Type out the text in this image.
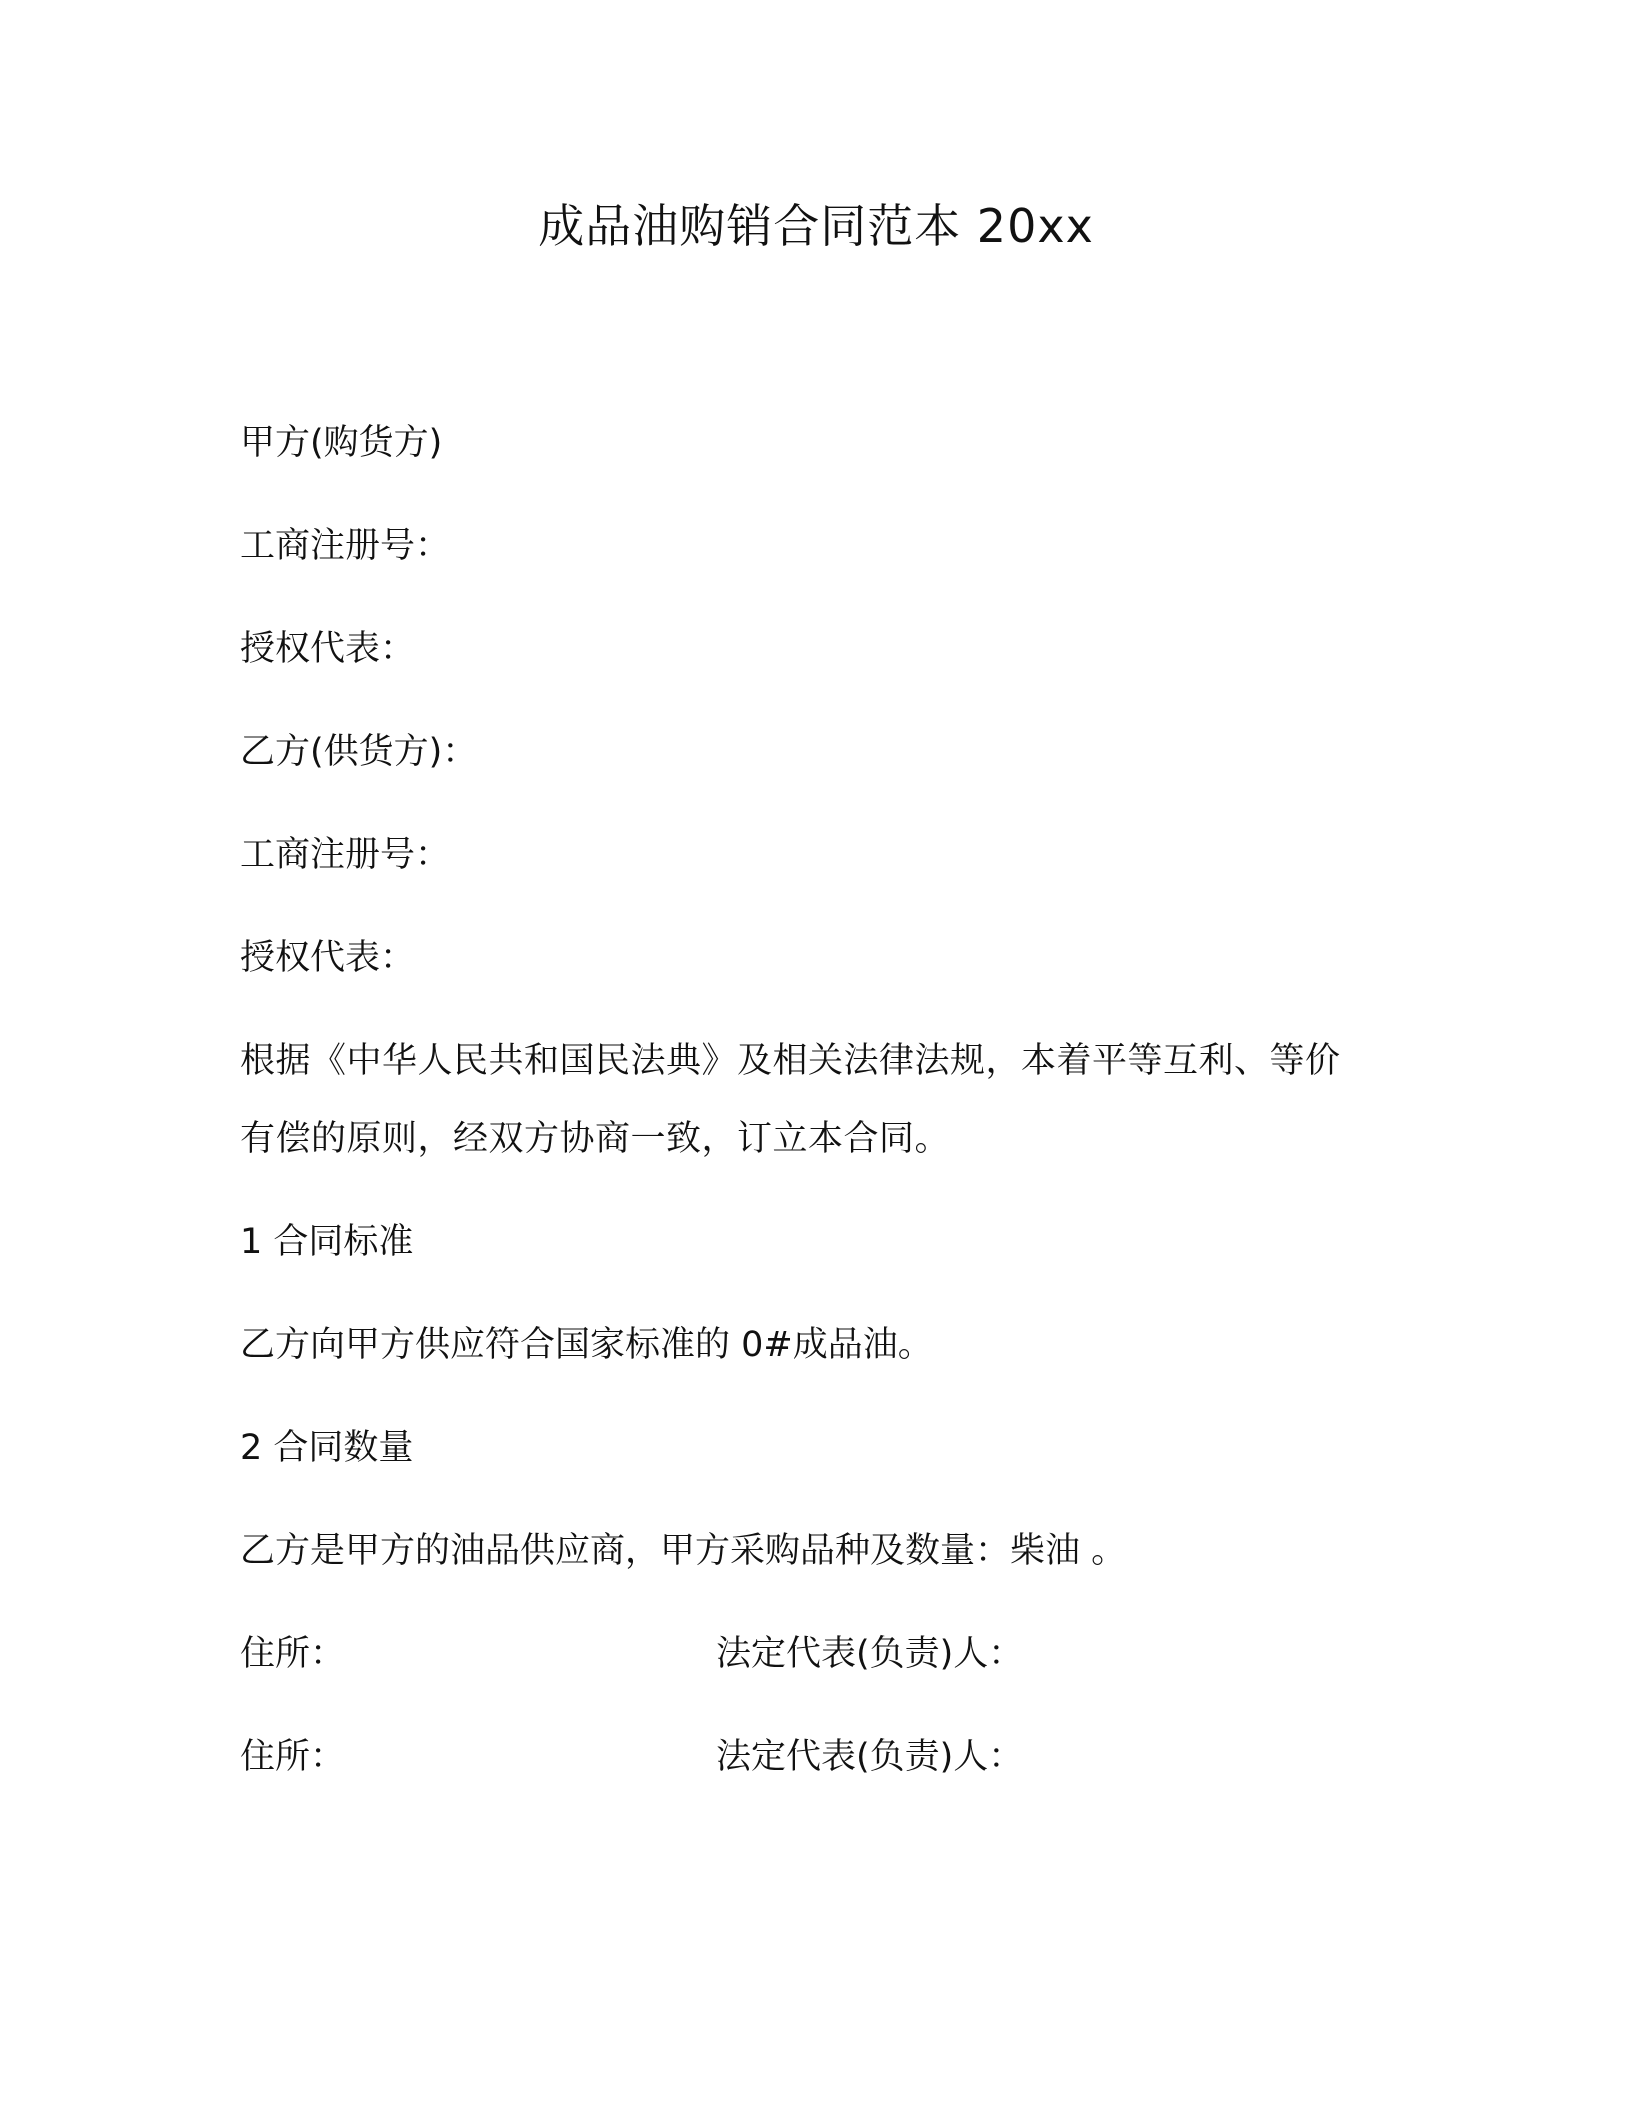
成品油购销合同范本 20xx

甲方(购货方)

工商注册号：

授权代表：

乙方(供货方)：

工商注册号：

授权代表：

根据《中华人民共和国民法典》及相关法律法规，本着平等互利、等价有偿的原则，经双方协商一致，订立本合同。

1 合同标准

乙方向甲方供应符合国家标准的 0#成品油。

2 合同数量

乙方是甲方的油品供应商，甲方采购品种及数量：柴油 。

住所：	法定代表(负责)人：
住所：	法定代表(负责)人：
